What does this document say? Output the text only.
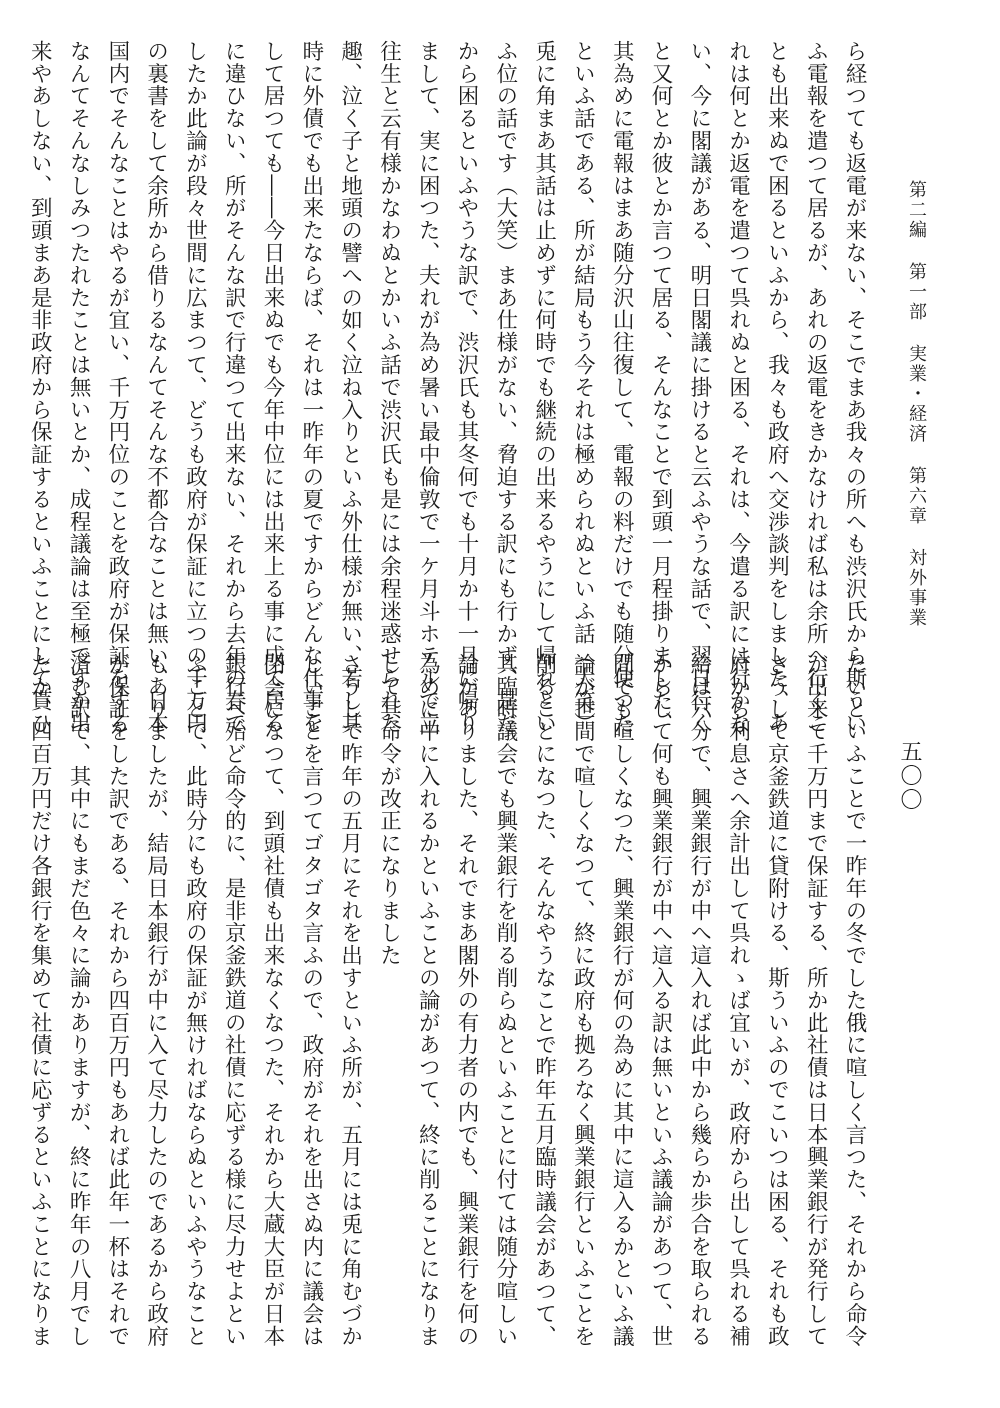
第二編第一部実業・経済第六章対外事業
五〇〇
ら経つても返電が来ない、そこでまあ我々の所へも渋沢氏から斯うい
ふ電報を遣つて居るが、あれの返電をきかなければ私は余所へ行くこ
とも出来ぬで困るといふから、我々も政府へ交渉談判をしました、あ
れは何とか返電を遣つて呉れぬと困る、それは、今遣る訳には行かな
い、今に閣議がある、明日閣議に掛けると云ふやうな話で、翌日行く
と又何とか彼とか言つて居る、そんなことで到頭一月程掛りました、
其為めに電報はまあ随分沢山往復して、電報の料だけでも随分使つた
といふ話である、所が結局もう今それは極められぬといふ話（大笑）
兎に角まあ其話は止めずに何時でも継続の出来るやうにして帰れとい
ふ位の話です（大笑）まあ仕様がない、脅迫する訳にも行かず、是だ
から困るといふやうな訳で、渋沢氏も其冬何でも十月か十一月に帰り
まして、実に困つた、夫れが為め暑い最中倫敦で一ケ月斗ホテルで立
往生と云有様かなわぬとかいふ話で渋沢氏も是には余程迷惑せられた
趣、泣く子と地頭の譬への如く泣ね入りといふ外仕様が無い、若し其
時に外債でも出来たならば、それは一昨年の夏ですからどんな仕事を
して居つても――今日出来ぬでも今年中位には出来上る事に成て居る
に違ひない、所がそんな訳で行違つて出来ない、それから去年の春で
したか此論が段々世間に広まつて、どうも政府が保証に立つの千万円
の裏書をして余所から借りるなんてそんな不都合なことは無い、日本
国内でそんなことはやるが宜い、千万円位のことを政府が保証をする
なんてそんなしみつたれたことは無いとか、成程議論は至極ですか出
来やあしない、到頭まあ是非政府から保証するといふことにして貰ひ
たいといふことで一昨年の冬でした俄に喧しく言つた、それから命令
が出来て千万円まで保証する、所か此社債は日本興業銀行が発行して
さうして京釜鉄道に貸附ける、斯ういふのでこいつは困る、それも政
府から利息さへ余計出して呉れゝば宜いが、政府から出して呉れる補
給は六分で、興業銀行が中へ這入れば此中から幾らか歩合を取られる
からして何も興業銀行が中へ這入る訳は無いといふ議論があつて、世
間でも喧しくなつた、興業銀行が何の為めに其中に這入るかといふ議
論が世間で喧しくなつて、終に政府も拠ろなく興業銀行といふことを
削ることになつた、そんなやうなことで昨年五月臨時議会があつて、
其臨時議会でも興業銀行を削る削らぬといふことに付ては随分喧しい
論がありました、それでまあ閣外の有力者の内でも、興業銀行を何の
為めに中に入れるかといふことの論があつて、終に削ることになりま
して其命令が改正になりました
さうして昨年の五月にそれを出すといふ所が、五月には兎に角むづか
しいことを言つてゴタゴタ言ふので、政府がそれを出さぬ内に議会は
閉会になつて、到頭社債も出来なくなつた、それから大蔵大臣が日本
銀行へ殆ど命令的に、是非京釜鉄道の社債に応ずる様に尽力せよとい
ふことで、此時分にも政府の保証が無ければならぬといふやうなこと
もありましたが、結局日本銀行が中に入て尽力したのであるから政府
が保証をした訳である、それから四百万円もあれば此年一杯はそれで
済む訳で、其中にもまだ色々に論かありますが、終に昨年の八月でし
たか、四百万円だけ各銀行を集めて社債に応ずるといふことになりま
